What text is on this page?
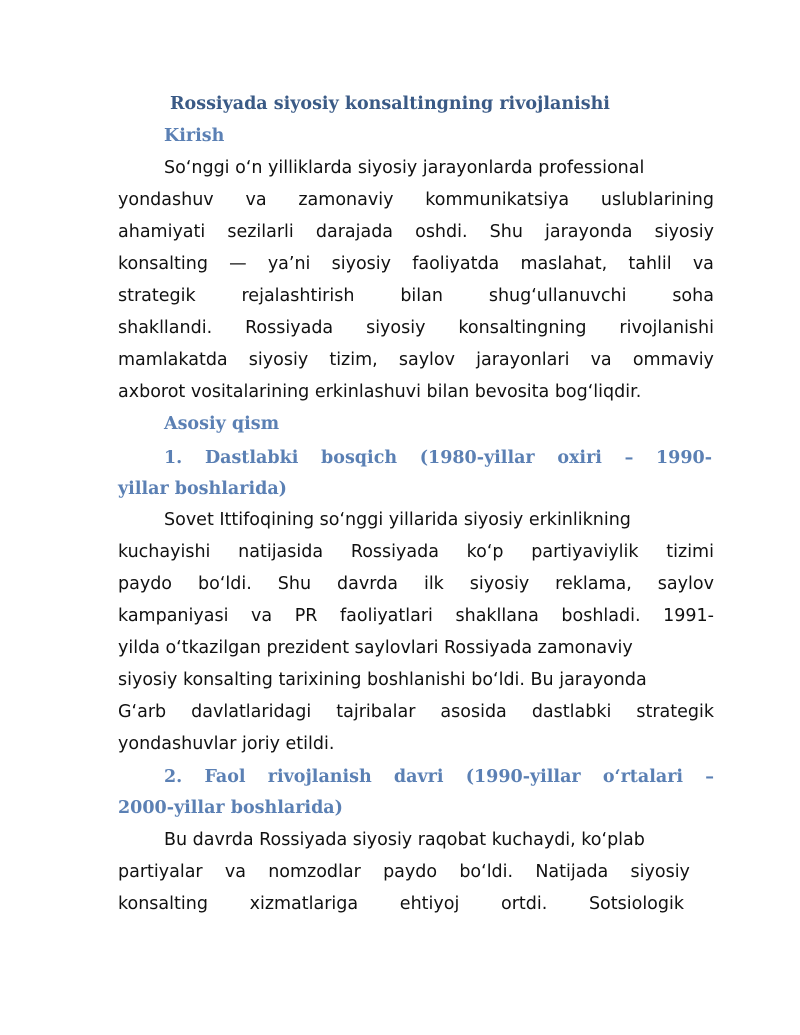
Rossiyada siyosiy konsaltingning rivojlanishi
Kirish
So‘nggi o‘n yilliklarda siyosiy jarayonlarda professional
yondashuv va zamonaviy kommunikatsiya uslublarining
ahamiyati sezilarli darajada oshdi. Shu jarayonda siyosiy
konsalting — ya’ni siyosiy faoliyatda maslahat, tahlil va
strategik	rejalashtirish	bilan	shug‘ullanuvchi	soha
shakllandi. Rossiyada siyosiy konsaltingning rivojlanishi
mamlakatda siyosiy tizim, saylov jarayonlari va ommaviy
axborot vositalarining erkinlashuvi bilan bevosita bog‘liqdir.
Asosiy qism
1. Dastlabki bosqich (1980-yillar oxiri – 1990-
yillar boshlarida)
Sovet Ittifoqining so‘nggi yillarida siyosiy erkinlikning
kuchayishi natijasida Rossiyada ko‘p partiyaviylik tizimi
paydo bo‘ldi. Shu davrda ilk siyosiy reklama, saylov
kampaniyasi va PR faoliyatlari shakllana boshladi. 1991-
yilda o‘tkazilgan prezident saylovlari Rossiyada zamonaviy
siyosiy konsalting tarixining boshlanishi bo‘ldi. Bu jarayonda
G‘arb davlatlaridagi tajribalar asosida dastlabki strategik
yondashuvlar joriy etildi.
2. Faol rivojlanish davri (1990-yillar o‘rtalari –
2000-yillar boshlarida)
Bu davrda Rossiyada siyosiy raqobat kuchaydi, ko‘plab
partiyalar va nomzodlar paydo bo‘ldi. Natijada siyosiy
konsalting xizmatlariga ehtiyoj ortdi. Sotsiologik
